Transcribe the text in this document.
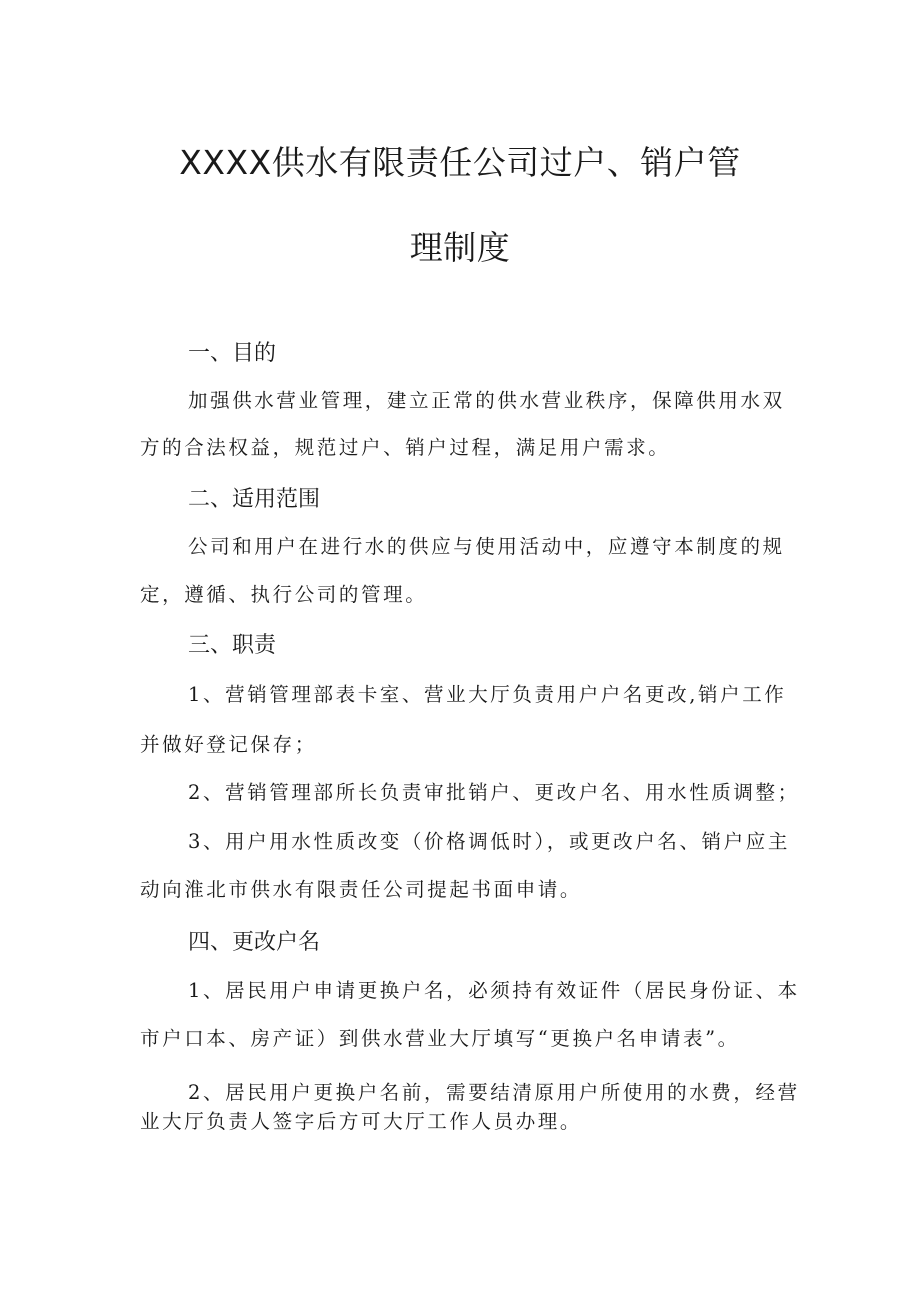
XXXX供水有限责任公司过户、销户管
理制度
一、目的

加强供水营业管理，建立正常的供水营业秩序，保障供用水双

方的合法权益，规范过户、销户过程，满足用户需求。

二、适用范围

公司和用户在进行水的供应与使用活动中，应遵守本制度的规

定，遵循、执行公司的管理。

三、职责

1、营销管理部表卡室、营业大厅负责用户户名更改,销户工作

并做好登记保存；

2、营销管理部所长负责审批销户、更改户名、用水性质调整；

3、用户用水性质改变（价格调低时），或更改户名、销户应主

动向淮北市供水有限责任公司提起书面申请。

四、更改户名

1、居民用户申请更换户名，必须持有效证件（居民身份证、本

市户口本、房产证）到供水营业大厅填写“更换户名申请表”。

2、居民用户更换户名前，需要结清原用户所使用的水费，经营

业大厅负责人签字后方可大厅工作人员办理。
